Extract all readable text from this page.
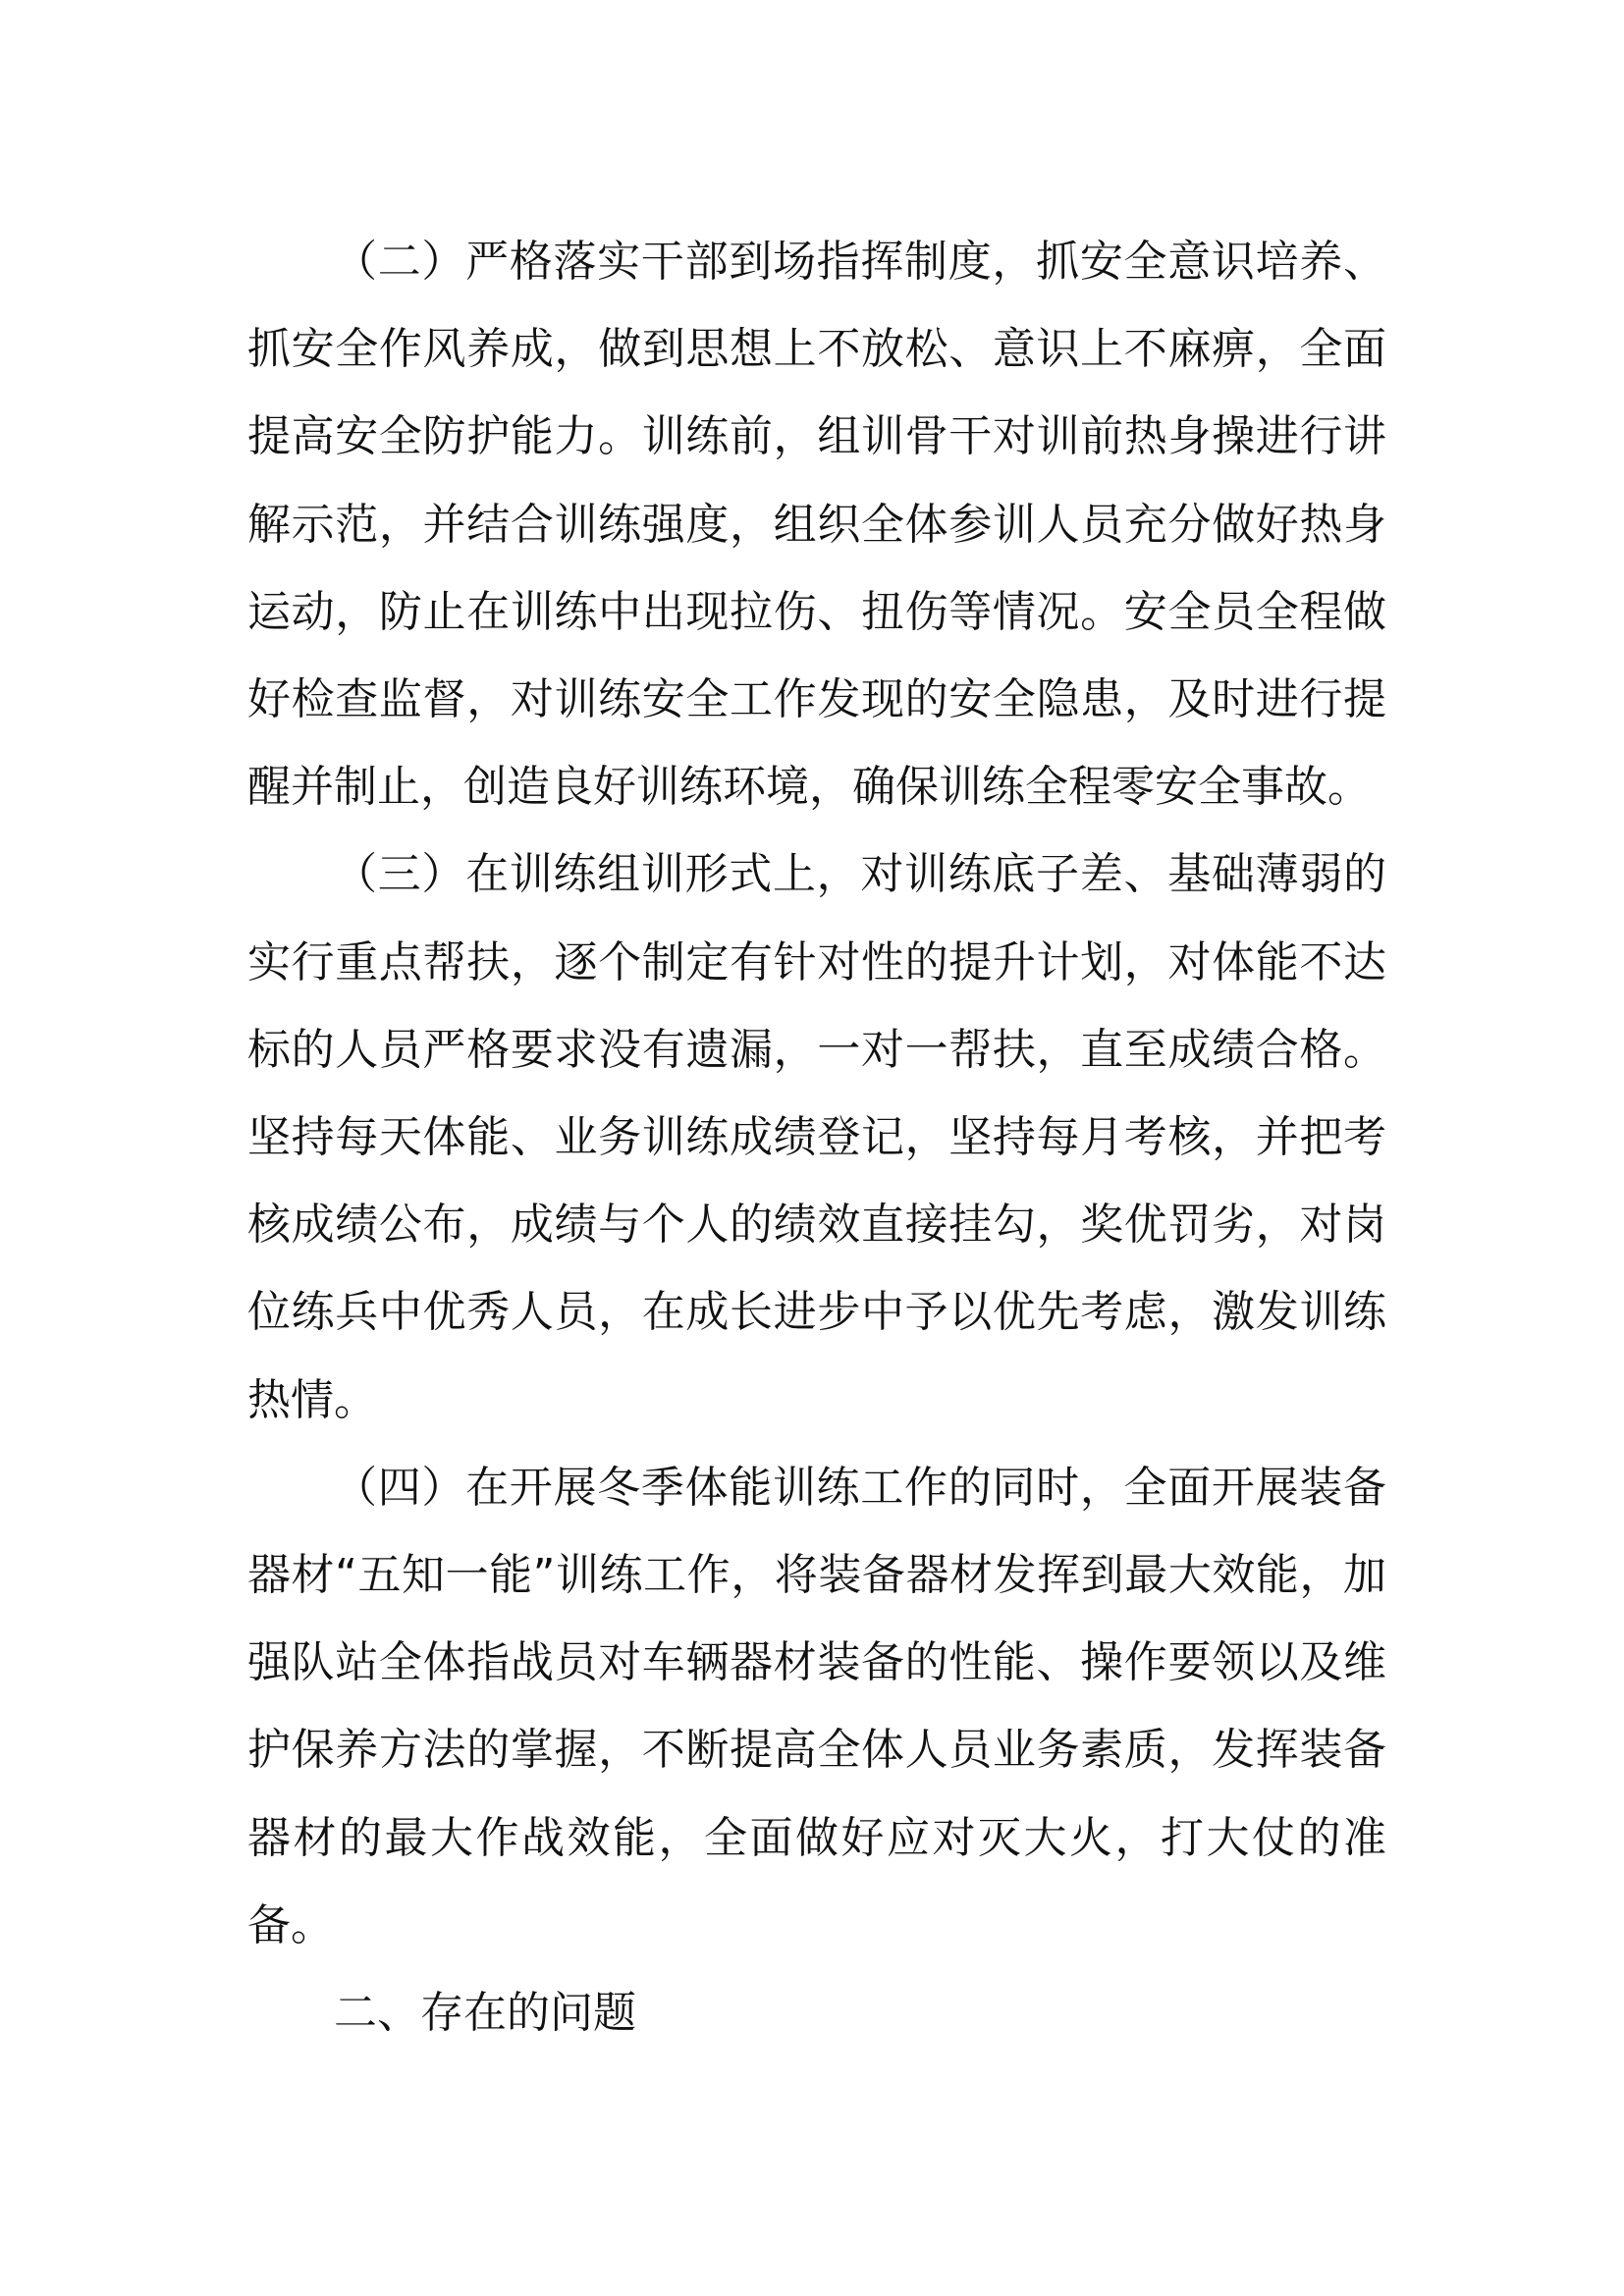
（二）严格落实干部到场指挥制度，抓安全意识培养、抓安全作风养成，做到思想上不放松、意识上不麻痹，全面提高安全防护能力。训练前，组训骨干对训前热身操进行讲解示范，并结合训练强度，组织全体参训人员充分做好热身运动，防止在训练中出现拉伤、扭伤等情况。安全员全程做好检查监督，对训练安全工作发现的安全隐患，及时进行提醒并制止，创造良好训练环境，确保训练全程零安全事故。

（三）在训练组训形式上，对训练底子差、基础薄弱的实行重点帮扶，逐个制定有针对性的提升计划，对体能不达标的人员严格要求没有遗漏，一对一帮扶，直至成绩合格。坚持每天体能、业务训练成绩登记，坚持每月考核，并把考核成绩公布，成绩与个人的绩效直接挂勾，奖优罚劣，对岗位练兵中优秀人员，在成长进步中予以优先考虑，激发训练热情。

（四）在开展冬季体能训练工作的同时，全面开展装备器材“五知一能”训练工作，将装备器材发挥到最大效能，加强队站全体指战员对车辆器材装备的性能、操作要领以及维护保养方法的掌握，不断提高全体人员业务素质，发挥装备器材的最大作战效能，全面做好应对灭大火，打大仗的准备。

二、存在的问题
